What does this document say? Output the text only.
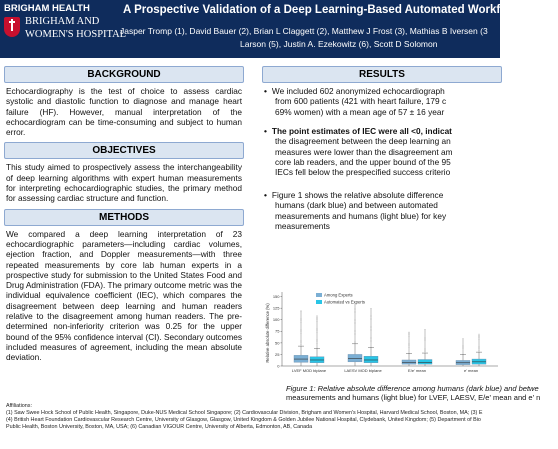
BRIGHAM HEALTH
BRIGHAM AND
WOMEN'S HOSPITAL
A Prospective Validation of a Deep Learning-Based Automated Workflow for the
Jasper Tromp (1), David Bauer (2), Brian L Claggett (2), Matthew J Frost (3), Mathias B Iversen (3
Larson (5), Justin A. Ezekowitz (6), Scott D Solomon
BACKGROUND

Echocardiography is the test of choice to assess cardiac systolic and diastolic function to diagnose and manage heart failure (HF). However, manual interpretation of the echocardiogram can be time-consuming and subject to human error.

OBJECTIVES

This study aimed to prospectively assess the interchangeability of deep learning algorithms with expert human measurements for interpreting echocardiographic studies, the primary method for assessing cardiac structure and function.

METHODS

We compared a deep learning interpretation of 23 echocardiographic parameters—including cardiac volumes, ejection fraction, and Doppler measurements—with three repeated measurements by core lab human experts in a prospective study for submission to the United States Food and Drug Administration (FDA). The primary outcome metric was the individual equivalence coefficient (IEC), which compares the disagreement between deep learning and human readers relative to the disagreement among human readers. The pre-determined non-inferiority criterion was 0.25 for the upper bound of the 95% confidence interval (CI). Secondary outcomes included measures of agreement, including the mean absolute deviation.

RESULTS
• We included 602 anonymized echocardiograph
from 600 patients (421 with heart failure, 179 c
69% women) with a mean age of 57 ± 16 year
• The point estimates of IEC were all <0, indicat
the disagreement between the deep learning an
measures were lower than the disagreement am
core lab readers, and the upper bound of the 95
IECs fell below the prespecified success criterio
• Figure 1 shows the relative absolute difference
humans (dark blue) and between automated
measurements and humans (light blue) for key
measurements
Relative absolute difference (%)
0
25
50
75
100
125
150
LVEF MOD biplane	LAESV MOD biplane	E/e' mean	e' mean
Among Experts
Automated vs Experts
Figure 1: Relative absolute difference among humans (dark blue) and betwe
measurements and humans (light blue) for LVEF, LAESV, E/e' mean and e' n
Affiliations:
(1) Saw Swee Hock School of Public Health, Singapore, Duke-NUS Medical School Singapore; (2) Cardiovascular Division, Brigham and Women's Hospital, Harvard Medical School, Boston, MA; (3) E
(4) British Heart Foundation Cardiovascular Research Centre, University of Glasgow, Glasgow, United Kingdom & Golden Jubilee National Hospital, Clydebank, United Kingdom; (5) Department of Bio
Public Health, Boston University, Boston, MA, USA; (6) Canadian VIGOUR Centre, University of Alberta, Edmonton, AB, Canada
